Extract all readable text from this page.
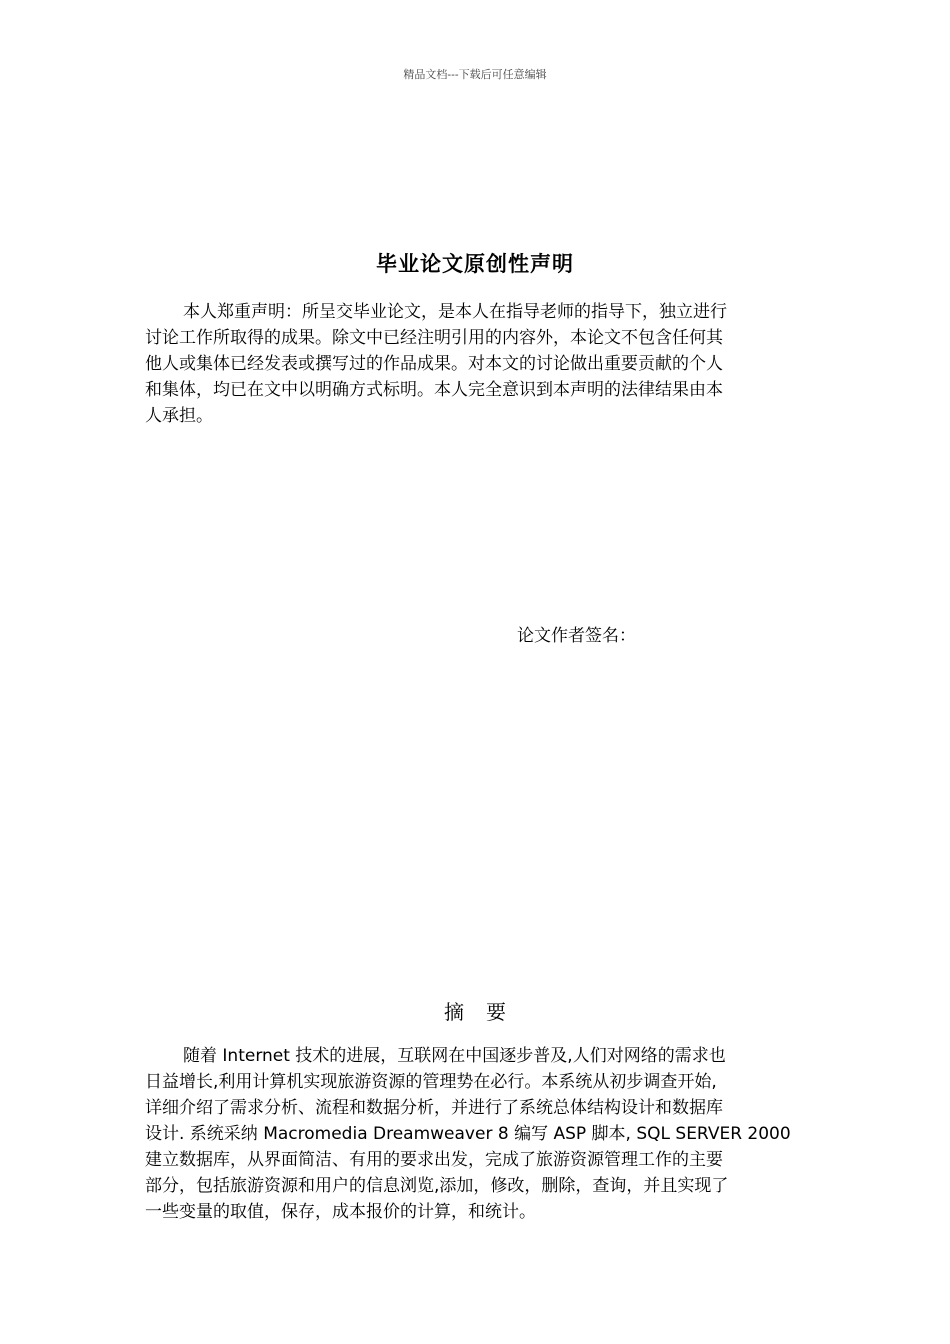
精品文档---下载后可任意编辑
毕业论文原创性声明

本人郑重声明：所呈交毕业论文，是本人在指导老师的指导下，独立进行
讨论工作所取得的成果。除文中已经注明引用的内容外，本论文不包含任何其
他人或集体已经发表或撰写过的作品成果。对本文的讨论做出重要贡献的个人
和集体，均已在文中以明确方式标明。本人完全意识到本声明的法律结果由本
人承担。

论文作者签名：
摘要

随着 Internet 技术的进展，互联网在中国逐步普及,人们对网络的需求也
日益增长,利用计算机实现旅游资源的管理势在必行。本系统从初步调查开始,
详细介绍了需求分析、流程和数据分析，并进行了系统总体结构设计和数据库
设计. 系统采纳 Macromedia Dreamweaver 8 编写 ASP 脚本, SQL SERVER 2000
建立数据库，从界面简洁、有用的要求出发，完成了旅游资源管理工作的主要
部分，包括旅游资源和用户的信息浏览,添加，修改，删除，查询，并且实现了
一些变量的取值，保存，成本报价的计算，和统计。
